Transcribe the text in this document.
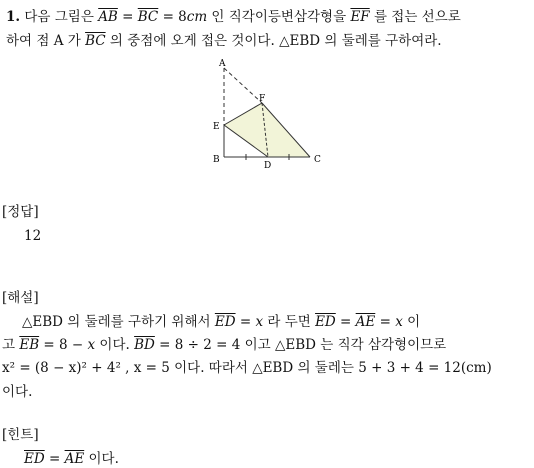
1. 다음 그림은 $\overline{AB} = \overline{BC} = 8cm$ 인 직각이등변삼각형을 $\overline{EF}$ 를 접는 선으로
하여 점 A 가 $\overline{BC}$ 의 중점에 오게 접은 것이다. △EBD 의 둘레를 구하여라.
A
F
E
B
D
C
[정답]
12
[해설]
△EBD 의 둘레를 구하기 위해서 $\overline{ED} = x$ 라 두면 $\overline{ED} = \overline{AE} = x$ 이
고 $\overline{EB} = 8 - x$ 이다. $\overline{BD} = 8 \div 2 = 4$ 이고 △EBD 는 직각 삼각형이므로
x² = (8 − x)² + 4² , x = 5 이다. 따라서 △EBD 의 둘레는 5 + 3 + 4 = 12(cm)
이다.
[힌트]
$\overline{ED} = \overline{AE}$ 이다.
